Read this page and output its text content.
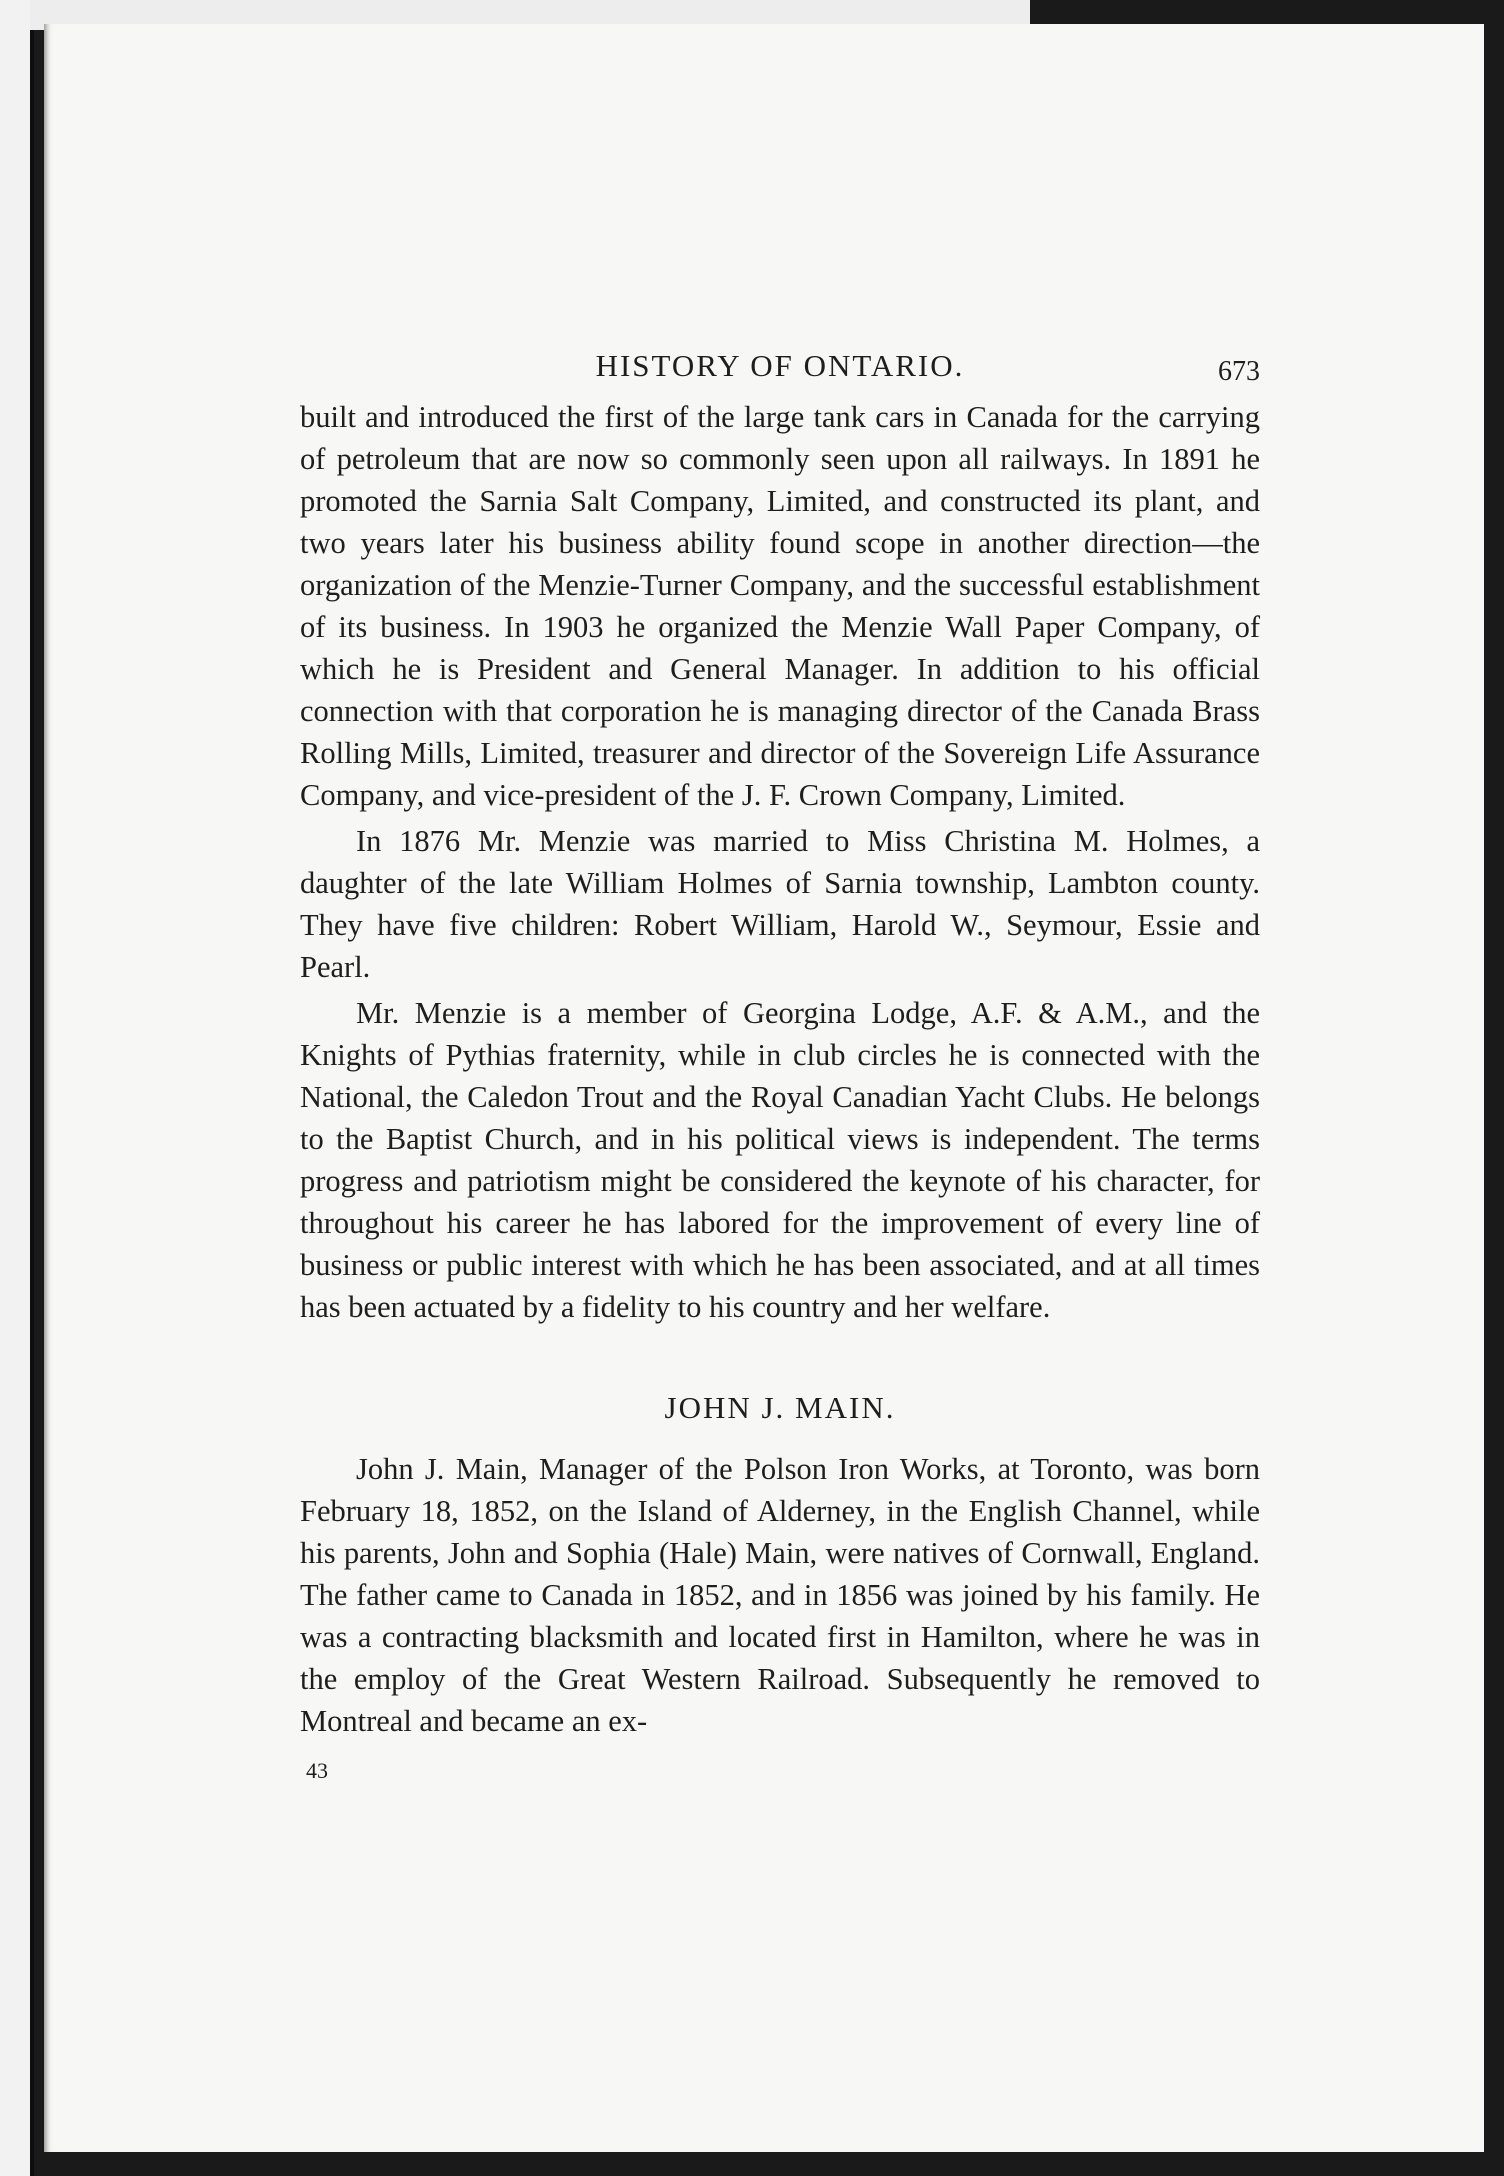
HISTORY OF ONTARIO.	673

built and introduced the first of the large tank cars in Canada for the carrying of petroleum that are now so commonly seen upon all railways. In 1891 he promoted the Sarnia Salt Company, Limited, and constructed its plant, and two years later his business ability found scope in another direction—the organization of the Menzie-Turner Company, and the successful establishment of its business. In 1903 he organized the Menzie Wall Paper Company, of which he is President and General Manager. In addition to his official connection with that corporation he is managing director of the Canada Brass Rolling Mills, Limited, treasurer and director of the Sovereign Life Assurance Company, and vice-president of the J. F. Crown Company, Limited.

In 1876 Mr. Menzie was married to Miss Christina M. Holmes, a daughter of the late William Holmes of Sarnia township, Lambton county. They have five children: Robert William, Harold W., Seymour, Essie and Pearl.

Mr. Menzie is a member of Georgina Lodge, A.F. & A.M., and the Knights of Pythias fraternity, while in club circles he is connected with the National, the Caledon Trout and the Royal Canadian Yacht Clubs. He belongs to the Baptist Church, and in his political views is independent. The terms progress and patriotism might be considered the keynote of his character, for throughout his career he has labored for the improvement of every line of business or public interest with which he has been associated, and at all times has been actuated by a fidelity to his country and her welfare.

JOHN J. MAIN.

John J. Main, Manager of the Polson Iron Works, at Toronto, was born February 18, 1852, on the Island of Alderney, in the English Channel, while his parents, John and Sophia (Hale) Main, were natives of Cornwall, England. The father came to Canada in 1852, and in 1856 was joined by his family. He was a contracting blacksmith and located first in Hamilton, where he was in the employ of the Great Western Railroad. Subsequently he removed to Montreal and became an ex-

43
